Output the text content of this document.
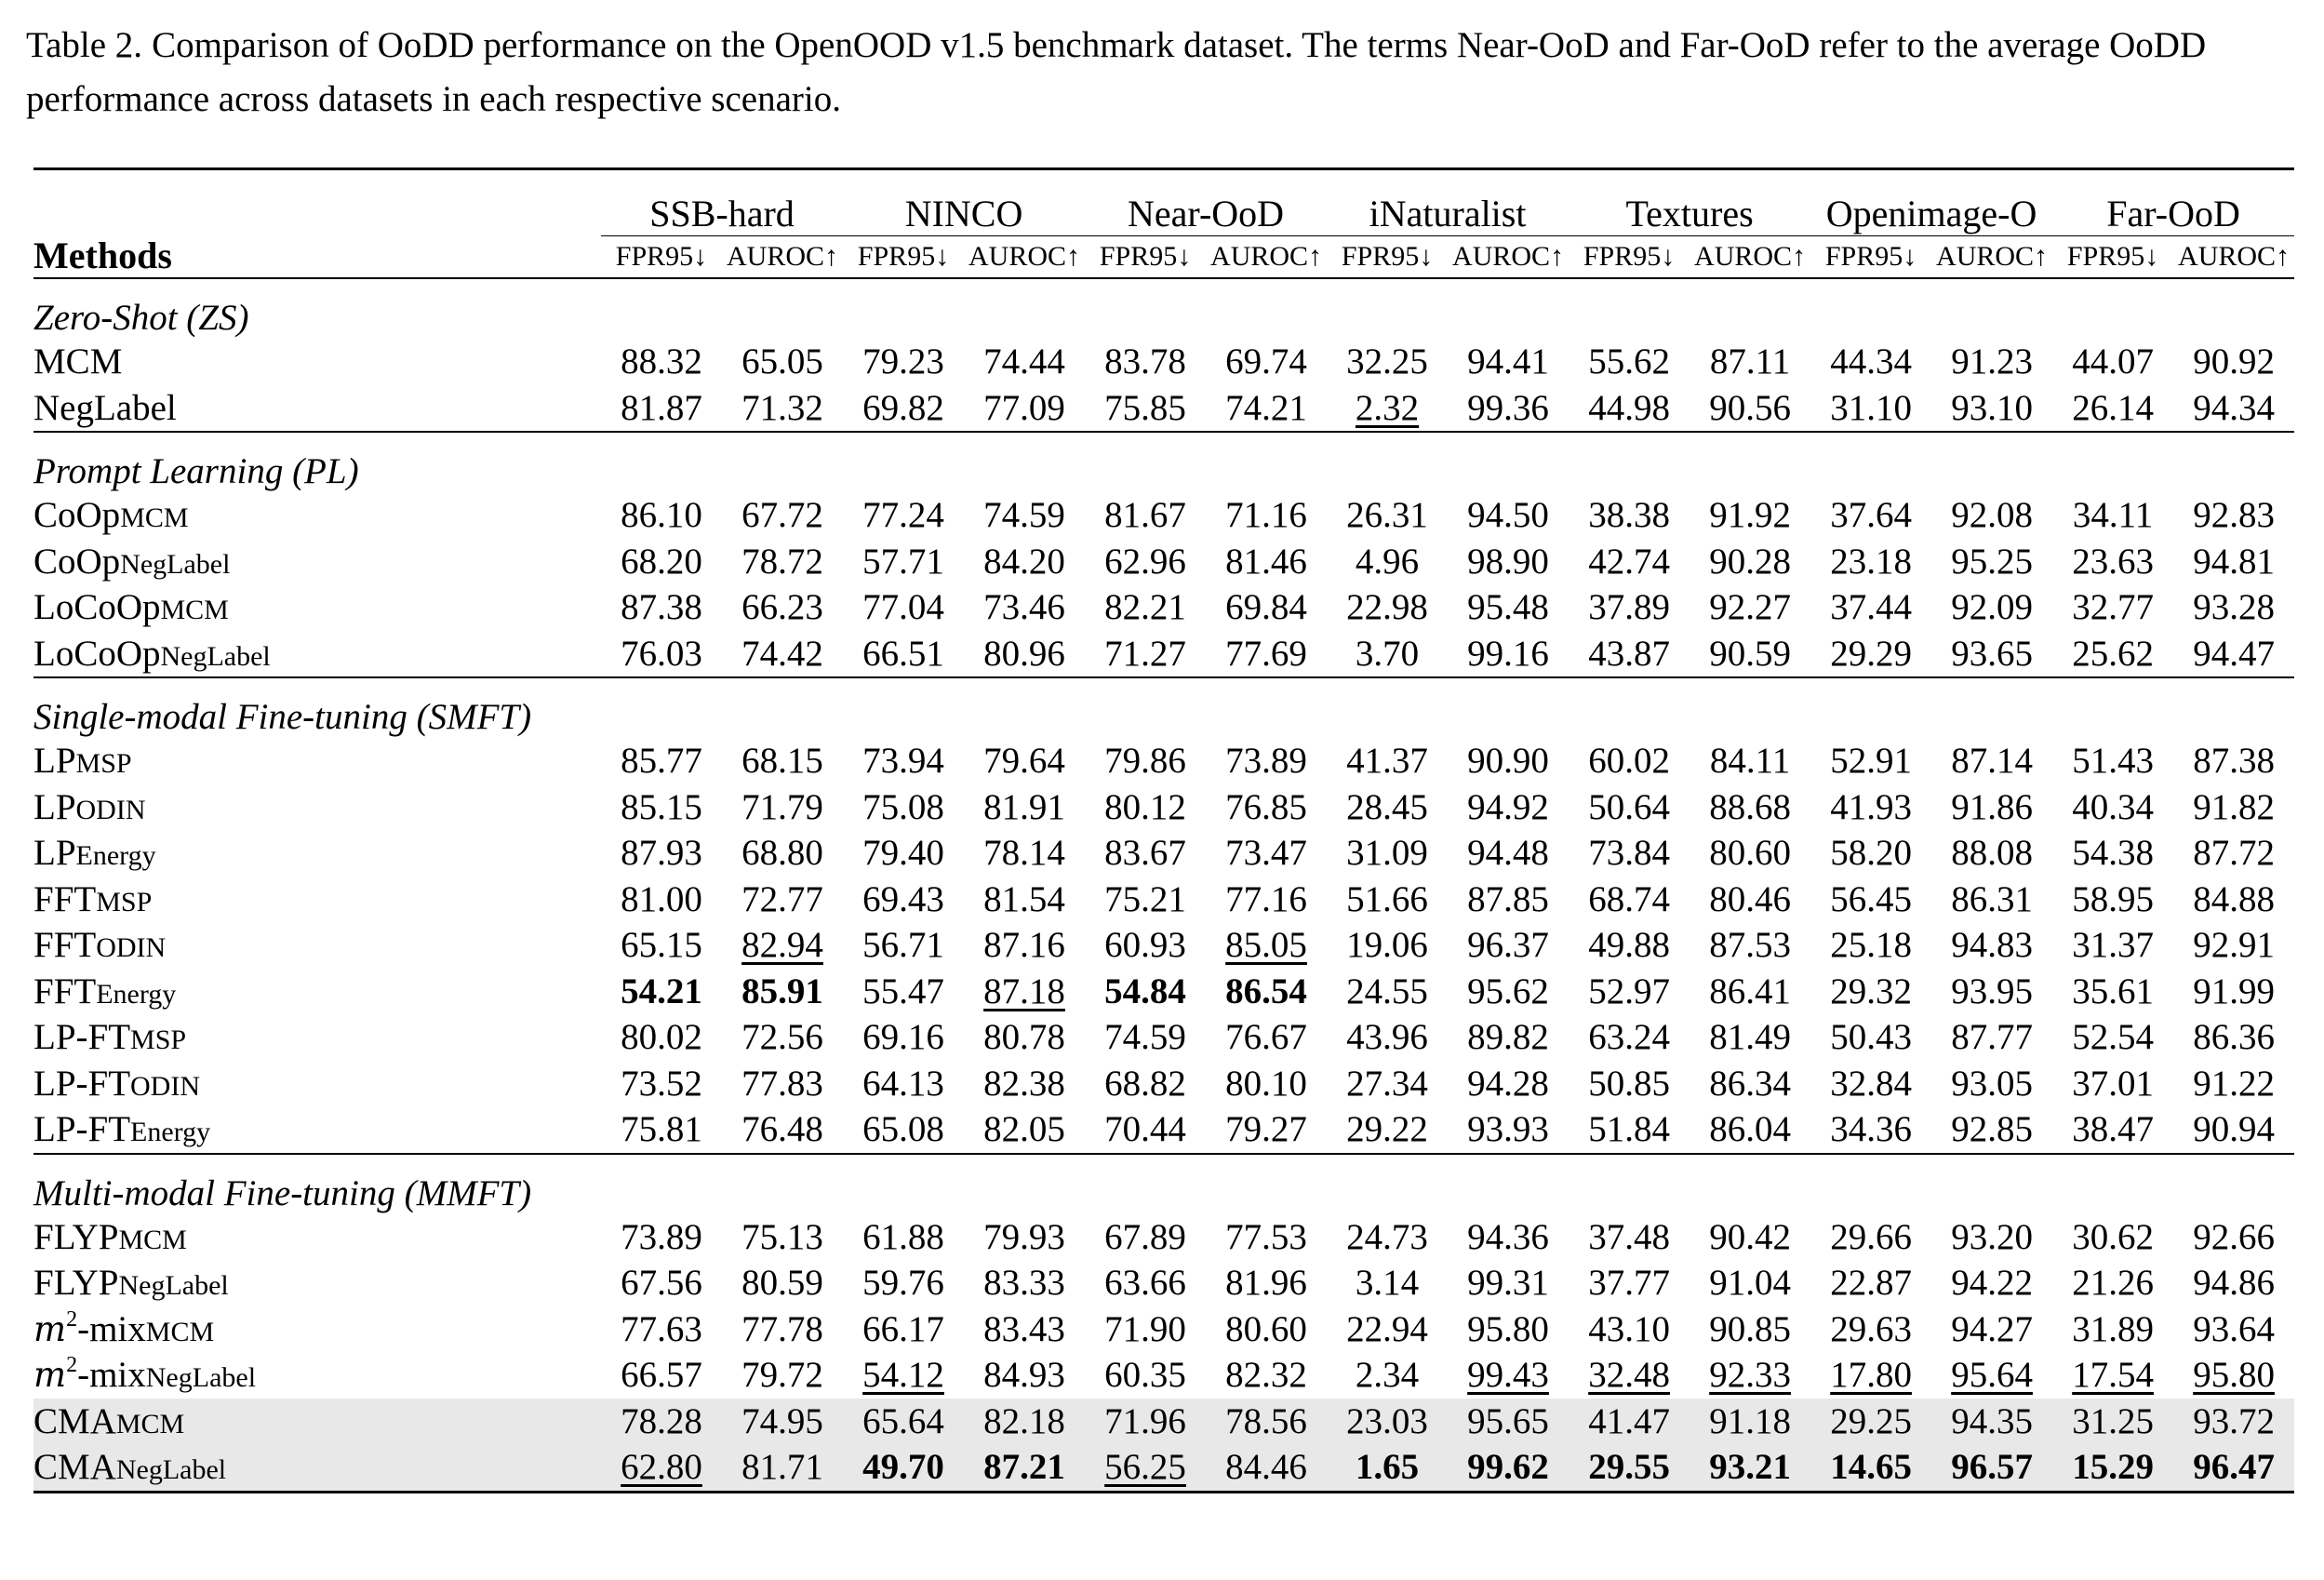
Table 2. Comparison of OoDD performance on the OpenOOD v1.5 benchmark dataset. The terms Near-OoD and Far-OoD refer to the average OoDD performance across datasets in each respective scenario.
Methods	SSB-hard		NINCO		Near-OoD		iNaturalist		Textures		Openimage-O		Far-OoD	
	FPR95↓	AUROC↑	FPR95↓	AUROC↑	FPR95↓	AUROC↑	FPR95↓	AUROC↑	FPR95↓	AUROC↑	FPR95↓	AUROC↑	FPR95↓	AUROC↑
Zero-Shot (ZS)														
MCM	88.32	65.05	79.23	74.44	83.78	69.74	32.25	94.41	55.62	87.11	44.34	91.23	44.07	90.92
NegLabel	81.87	71.32	69.82	77.09	75.85	74.21	2.32	99.36	44.98	90.56	31.10	93.10	26.14	94.34
Prompt Learning (PL)														
CoOpMCM	86.10	67.72	77.24	74.59	81.67	71.16	26.31	94.50	38.38	91.92	37.64	92.08	34.11	92.83
CoOpNegLabel	68.20	78.72	57.71	84.20	62.96	81.46	4.96	98.90	42.74	90.28	23.18	95.25	23.63	94.81
LoCoOpMCM	87.38	66.23	77.04	73.46	82.21	69.84	22.98	95.48	37.89	92.27	37.44	92.09	32.77	93.28
LoCoOpNegLabel	76.03	74.42	66.51	80.96	71.27	77.69	3.70	99.16	43.87	90.59	29.29	93.65	25.62	94.47
Single-modal Fine-tuning (SMFT)														
LPMSP	85.77	68.15	73.94	79.64	79.86	73.89	41.37	90.90	60.02	84.11	52.91	87.14	51.43	87.38
LPODIN	85.15	71.79	75.08	81.91	80.12	76.85	28.45	94.92	50.64	88.68	41.93	91.86	40.34	91.82
LPEnergy	87.93	68.80	79.40	78.14	83.67	73.47	31.09	94.48	73.84	80.60	58.20	88.08	54.38	87.72
FFTMSP	81.00	72.77	69.43	81.54	75.21	77.16	51.66	87.85	68.74	80.46	56.45	86.31	58.95	84.88
FFTODIN	65.15	82.94	56.71	87.16	60.93	85.05	19.06	96.37	49.88	87.53	25.18	94.83	31.37	92.91
FFTEnergy	54.21	85.91	55.47	87.18	54.84	86.54	24.55	95.62	52.97	86.41	29.32	93.95	35.61	91.99
LP-FTMSP	80.02	72.56	69.16	80.78	74.59	76.67	43.96	89.82	63.24	81.49	50.43	87.77	52.54	86.36
LP-FTODIN	73.52	77.83	64.13	82.38	68.82	80.10	27.34	94.28	50.85	86.34	32.84	93.05	37.01	91.22
LP-FTEnergy	75.81	76.48	65.08	82.05	70.44	79.27	29.22	93.93	51.84	86.04	34.36	92.85	38.47	90.94
Multi-modal Fine-tuning (MMFT)														
FLYPMCM	73.89	75.13	61.88	79.93	67.89	77.53	24.73	94.36	37.48	90.42	29.66	93.20	30.62	92.66
FLYPNegLabel	67.56	80.59	59.76	83.33	63.66	81.96	3.14	99.31	37.77	91.04	22.87	94.22	21.26	94.86
$m^2$-mixMCM	77.63	77.78	66.17	83.43	71.90	80.60	22.94	95.80	43.10	90.85	29.63	94.27	31.89	93.64
$m^2$-mixNegLabel	66.57	79.72	54.12	84.93	60.35	82.32	2.34	99.43	32.48	92.33	17.80	95.64	17.54	95.80
CMAMCM	78.28	74.95	65.64	82.18	71.96	78.56	23.03	95.65	41.47	91.18	29.25	94.35	31.25	93.72
CMANegLabel	62.80	81.71	49.70	87.21	56.25	84.46	1.65	99.62	29.55	93.21	14.65	96.57	15.29	96.47
